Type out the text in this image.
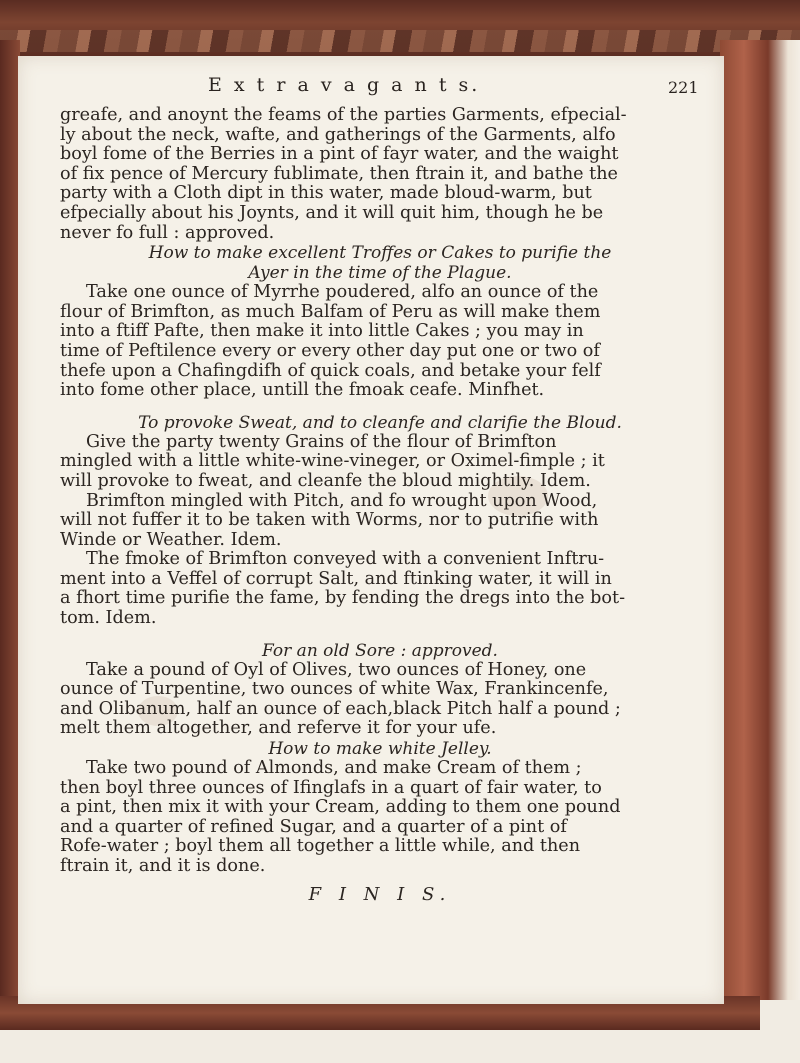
E x t r a v a g a n t s.	221
greafe, and anoynt the feams of the parties Garments, efpecial-
ly about the neck, wafte, and gatherings of the Garments, alfo
boyl fome of the Berries in a pint of fayr water, and the waight
of fix pence of Mercury fublimate, then ftrain it, and bathe the
party with a Cloth dipt in this water, made bloud-warm, but
efpecially about his Joynts, and it will quit him, though he be
never fo full : approved.
How to make excellent Troffes or Cakes to purifie the
Ayer in the time of the Plague.
Take one ounce of Myrrhe poudered, alfo an ounce of the
flour of Brimfton, as much Balfam of Peru as will make them
into a ftiff Pafte, then make it into little Cakes ; you may in
time of Peftilence every or every other day put one or two of
thefe upon a Chafingdifh of quick coals, and betake your felf
into fome other place, untill the fmoak ceafe. Minfhet.
To provoke Sweat, and to cleanfe and clarifie the Bloud.
Give the party twenty Grains of the flour of Brimfton
mingled with a little white-wine-vineger, or Oximel-fimple ; it
will provoke to fweat, and cleanfe the bloud mightily. Idem.
Brimfton mingled with Pitch, and fo wrought upon Wood,
will not fuffer it to be taken with Worms, nor to putrifie with
Winde or Weather. Idem.
The fmoke of Brimfton conveyed with a convenient Inftru-
ment into a Veffel of corrupt Salt, and ftinking water, it will in
a fhort time purifie the fame, by fending the dregs into the bot-
tom. Idem.
For an old Sore : approved.
Take a pound of Oyl of Olives, two ounces of Honey, one
ounce of Turpentine, two ounces of white Wax, Frankincenfe,
and Olibanum, half an ounce of each,black Pitch half a pound ;
melt them altogether, and referve it for your ufe.
How to make white Jelley.
Take two pound of Almonds, and make Cream of them ;
then boyl three ounces of Ifinglafs in a quart of fair water, to
a pint, then mix it with your Cream, adding to them one pound
and a quarter of refined Sugar, and a quarter of a pint of
Rofe-water ; boyl them all together a little while, and then
ftrain it, and it is done.
F I N I S.
